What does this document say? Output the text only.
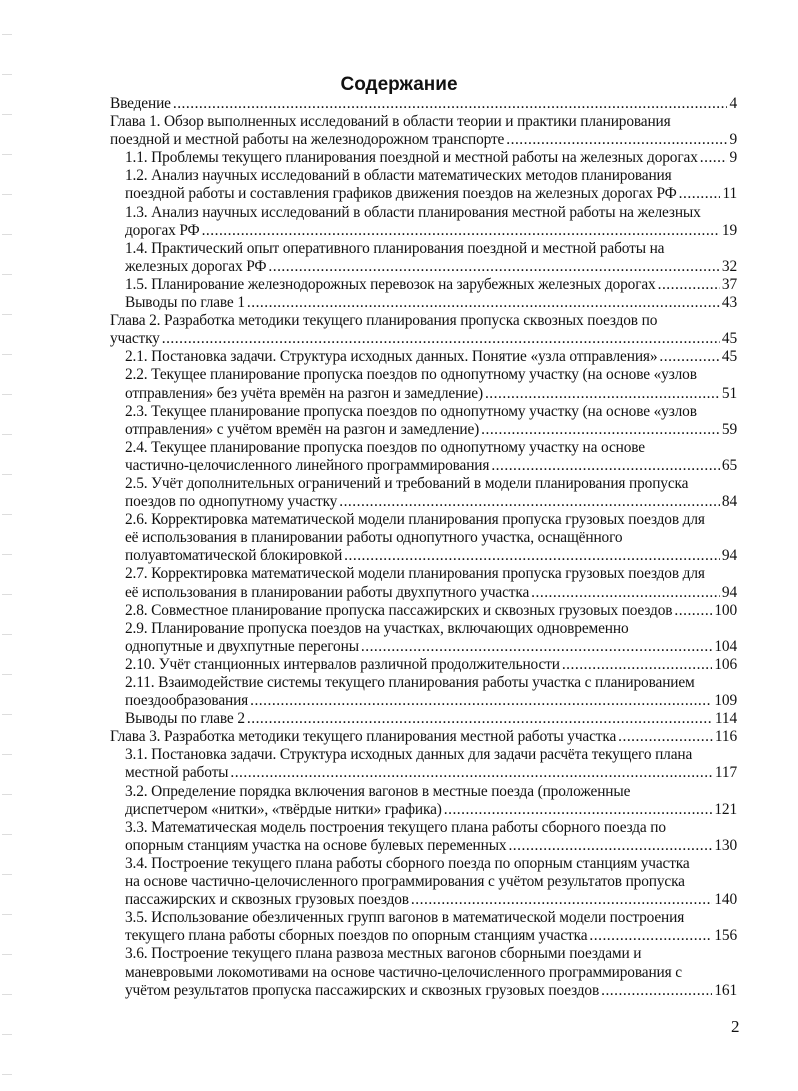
Содержание
Введение .....	4
Глава 1. Обзор выполненных исследований в области теории и практики планирования поездной и местной работы на железнодорожном транспорте .....	9
1.1. Проблемы текущего планирования поездной и местной работы на железных дорогах ..... 9
1.2. Анализ научных исследований в области математических методов планирования поездной работы и составления графиков движения поездов на железных дорогах РФ .....	11
1.3. Анализ научных исследований в области планирования местной работы на железных дорогах РФ .....	19
1.4. Практический опыт оперативного планирования поездной и местной работы на железных дорогах РФ .....	32
1.5. Планирование железнодорожных перевозок на зарубежных железных дорогах .....	37
Выводы по главе 1 .....	43
Глава 2. Разработка методики текущего планирования пропуска сквозных поездов по участку .....	45
2.1. Постановка задачи. Структура исходных данных. Понятие «узла отправления» .....	45
2.2. Текущее планирование пропуска поездов по однопутному участку (на основе «узлов отправления» без учёта времён на разгон и замедление) .....	51
2.3. Текущее планирование пропуска поездов по однопутному участку (на основе «узлов отправления» с учётом времён на разгон и замедление) .....	59
2.4. Текущее планирование пропуска поездов по однопутному участку на основе частично-целочисленного линейного программирования .....	65
2.5. Учёт дополнительных ограничений и требований в модели планирования пропуска поездов по однопутному участку .....	84
2.6. Корректировка математической модели планирования пропуска грузовых поездов для её использования в планировании работы однопутного участка, оснащённого полуавтоматической блокировкой .....	94
2.7. Корректировка математической модели планирования пропуска грузовых поездов для её использования в планировании работы двухпутного участка .....	94
2.8. Совместное планирование пропуска пассажирских и сквозных грузовых поездов .....	100
2.9. Планирование пропуска поездов на участках, включающих одновременно однопутные и двухпутные перегоны .....	104
2.10. Учёт станционных интервалов различной продолжительности .....	106
2.11. Взаимодействие системы текущего планирования работы участка с планированием поездообразования .....	109
Выводы по главе 2 .....	114
Глава 3. Разработка методики текущего планирования местной работы участка .....	116
3.1. Постановка задачи. Структура исходных данных для задачи расчёта текущего плана местной работы .....	117
3.2. Определение порядка включения вагонов в местные поезда (проложенные диспетчером «нитки», «твёрдые нитки» графика) .....	121
3.3. Математическая модель построения текущего плана работы сборного поезда по опорным станциям участка на основе булевых переменных .....	130
3.4. Построение текущего плана работы сборного поезда по опорным станциям участка на основе частично-целочисленного программирования с учётом результатов пропуска пассажирских и сквозных грузовых поездов .....	140
3.5. Использование обезличенных групп вагонов в математической модели построения текущего плана работы сборных поездов по опорным станциям участка .....	156
3.6. Построение текущего плана развоза местных вагонов сборными поездами и маневровыми локомотивами на основе частично-целочисленного программирования с учётом результатов пропуска пассажирских и сквозных грузовых поездов .....	161
2
